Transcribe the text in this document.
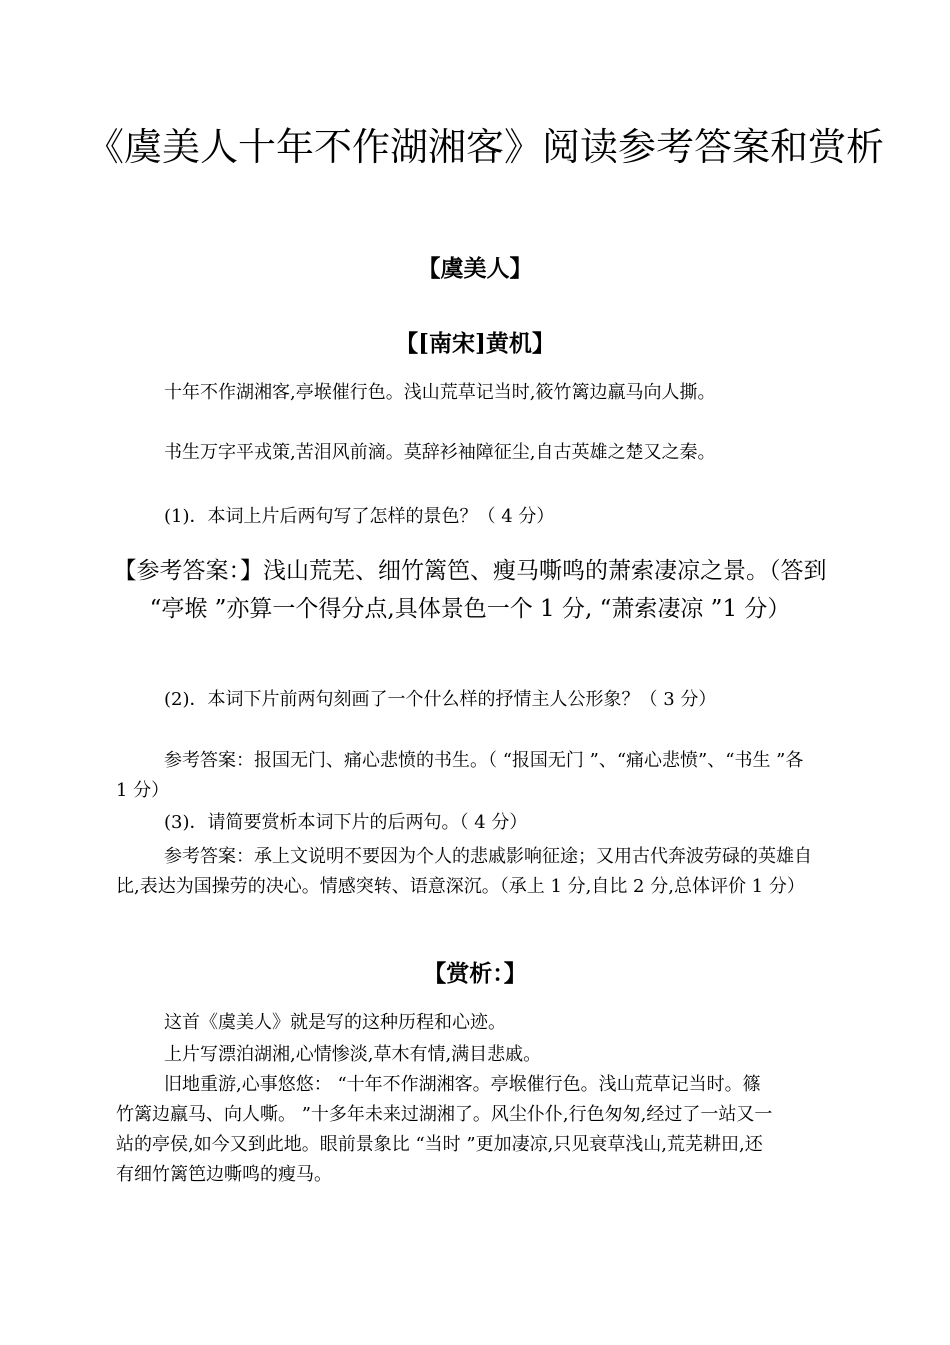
《虞美人十年不作湖湘客》阅读参考答案和赏析
【虞美人】
【[南宋]黄机】

十年不作湖湘客,亭堠催行色。浅山荒草记当时,筱竹篱边羸马向人撕。

书生万字平戎策,苦泪风前滴。莫辞衫袖障征尘,自古英雄之楚又之秦。

(1)．本词上片后两句写了怎样的景色？（ 4 分）

【参考答案：】浅山荒芜、细竹篱笆、瘦马嘶鸣的萧索凄凉之景。（答到 “亭堠 ”亦算一个得分点,具体景色一个 1 分, “萧索凄凉 ”1 分）

(2)．本词下片前两句刻画了一个什么样的抒情主人公形象？（ 3 分）

参考答案：报国无门、痛心悲愤的书生。（ “报国无门 ”、“痛心悲愤”、“书生 ”各 1 分）

(3)．请简要赏析本词下片的后两句。（ 4 分）

参考答案：承上文说明不要因为个人的悲戚影响征途；又用古代奔波劳碌的英雄自比,表达为国操劳的决心。情感突转、语意深沉。（承上 1 分,自比 2 分,总体评价 1 分）

【赏析：】

这首《虞美人》就是写的这种历程和心迹。

上片写漂泊湖湘,心情惨淡,草木有情,满目悲戚。

旧地重游,心事悠悠： “十年不作湖湘客。亭堠催行色。浅山荒草记当时。篠竹篱边羸马、向人嘶。 ”十多年未来过湖湘了。风尘仆仆,行色匆匆,经过了一站又一站的亭侯,如今又到此地。眼前景象比 “当时 ”更加凄凉,只见衰草浅山,荒芜耕田,还有细竹篱笆边嘶鸣的瘦马。
